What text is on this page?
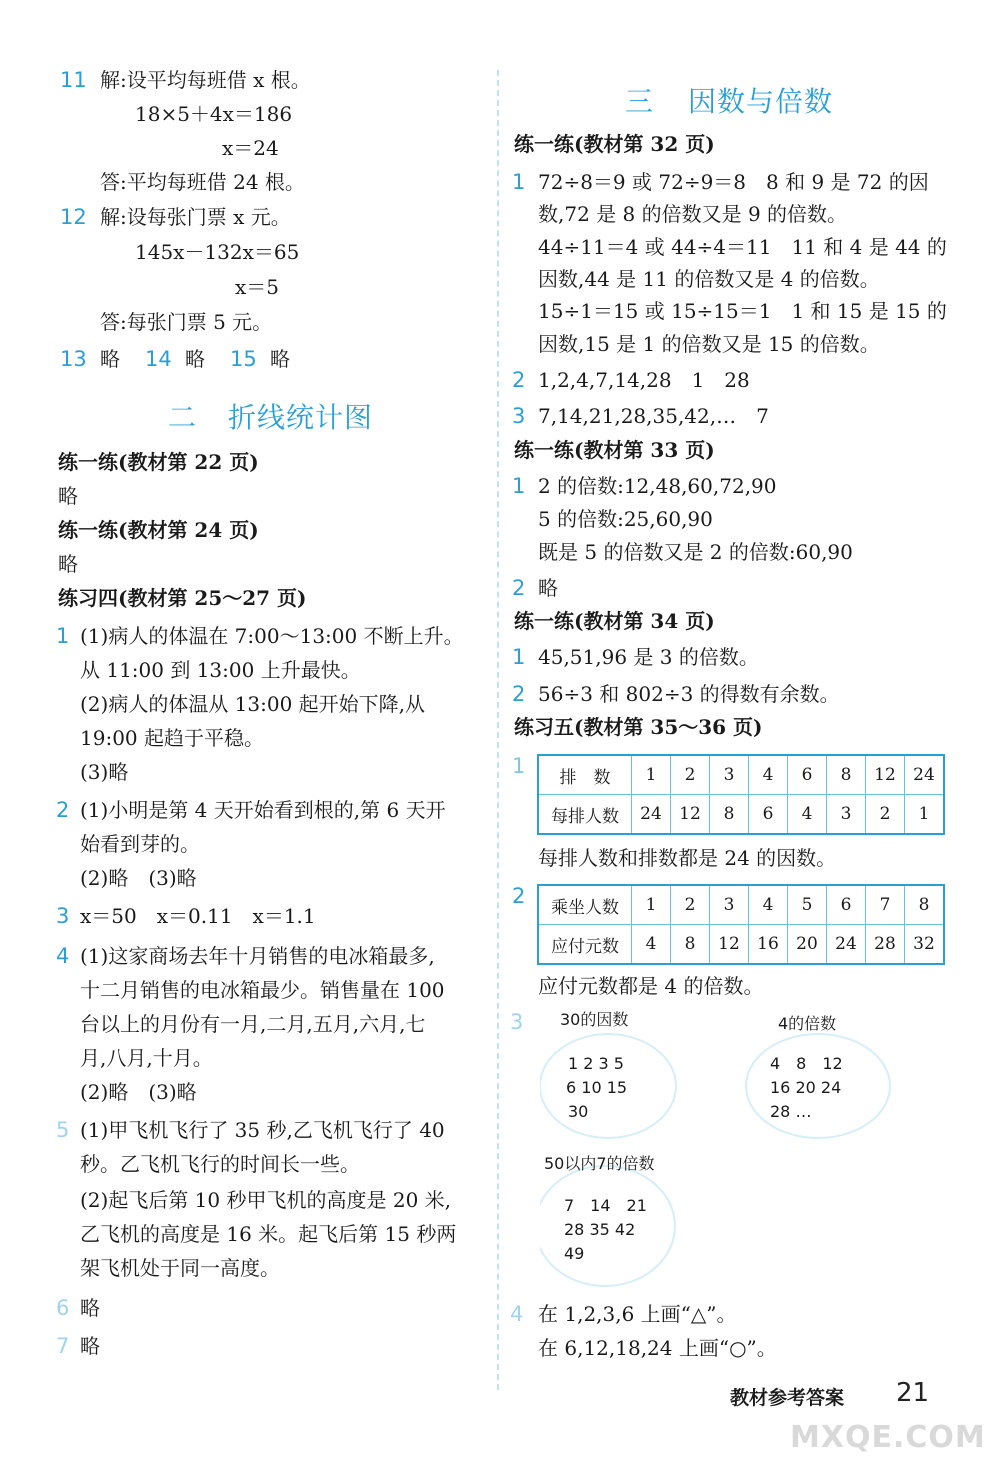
11 解:设平均每班借 x 根。
18×5＋4x＝186
x＝24
答:平均每班借 24 根。
12 解:设每张门票 x 元。
145x－132x＝65
x＝5
答:每张门票 5 元。
13 略 14 略 15 略
二 折线统计图
练一练(教材第 22 页)
略
练一练(教材第 24 页)
略
练习四(教材第 25～27 页)
1 (1)病人的体温在 7:00～13:00 不断上升。
从 11:00 到 13:00 上升最快。
(2)病人的体温从 13:00 起开始下降,从
19:00 起趋于平稳。
(3)略
2 (1)小明是第 4 天开始看到根的,第 6 天开
始看到芽的。
(2)略　(3)略
3 x＝50　x＝0.11　x＝1.1
4 (1)这家商场去年十月销售的电冰箱最多,
十二月销售的电冰箱最少。销售量在 100
台以上的月份有一月,二月,五月,六月,七
月,八月,十月。
(2)略　(3)略
5 (1)甲飞机飞行了 35 秒,乙飞机飞行了 40
秒。乙飞机飞行的时间长一些。
(2)起飞后第 10 秒甲飞机的高度是 20 米,
乙飞机的高度是 16 米。起飞后第 15 秒两
架飞机处于同一高度。
6 略
7 略
三 因数与倍数
练一练(教材第 32 页)
1 72÷8＝9 或 72÷9＝8　8 和 9 是 72 的因
数,72 是 8 的倍数又是 9 的倍数。
44÷11＝4 或 44÷4＝11　11 和 4 是 44 的
因数,44 是 11 的倍数又是 4 的倍数。
15÷1＝15 或 15÷15＝1　1 和 15 是 15 的
因数,15 是 1 的倍数又是 15 的倍数。
2 1,2,4,7,14,28　1　28
3 7,14,21,28,35,42,…　7
练一练(教材第 33 页)
1 2 的倍数:12,48,60,72,90
5 的倍数:25,60,90
既是 5 的倍数又是 2 的倍数:60,90
2 略
练一练(教材第 34 页)
1 45,51,96 是 3 的倍数。
2 56÷3 和 802÷3 的得数有余数。
练习五(教材第 35～36 页)
1 排　数	1	2	3	4	6	8	12	24
每排人数	24	12	8	6	4	3	2	1
每排人数和排数都是 24 的因数。
2 乘坐人数	1	2	3	4	5	6	7	8
应付元数	4	8	12	16	20	24	28	32
应付元数都是 4 的倍数。
3 30的因数
1 2 3 5
6 10 15
30
4的倍数
4　8　12
16 20 24
28 …
50以内7的倍数
7　14　21
28 35 42
49
4 在 1,2,3,6 上画“△”。
在 6,12,18,24 上画“○”。
教材参考答案 21
MXQE.COM
